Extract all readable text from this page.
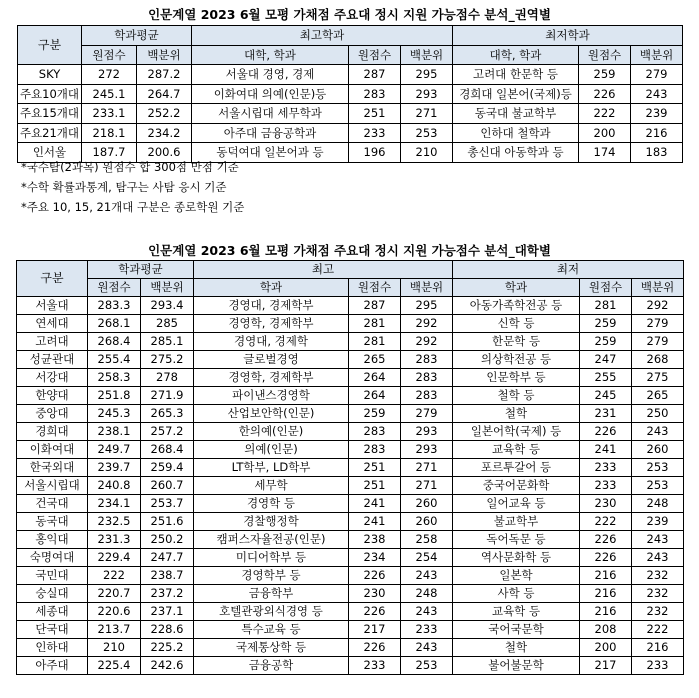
인문계열 2023 6월 모평 가채점 주요대 정시 지원 가능점수 분석_권역별
구분	학과평균		최고학과			최저학과		
	원점수	백분위	대학, 학과	원점수	백분위	대학, 학과	원점수	백분위
SKY	272	287.2	서울대 경영, 경제	287	295	고려대 한문학 등	259	279
주요10개대	245.1	264.7	이화여대 의예(인문)등	283	293	경희대 일본어(국제)등	226	243
주요15개대	233.1	252.2	서울시립대 세무학과	251	271	동국대 불교학부	222	239
주요21개대	218.1	234.2	아주대 금융공학과	233	253	인하대 철학과	200	216
인서울	187.7	200.6	동덕여대 일본어과 등	196	210	총신대 아동학과 등	174	183
*국수탐(2과목) 원점수 합 300점 만점 기준
*수학 확률과통계, 탐구는 사탐 응시 기준
*주요 10, 15, 21개대 구분은 종로학원 기준
인문계열 2023 6월 모평 가채점 주요대 정시 지원 가능점수 분석_대학별
구분	학과평균		최고			최저		
	원점수	백분위	학과	원점수	백분위	학과	원점수	백분위
서울대	283.3	293.4	경영대, 경제학부	287	295	아동가족학전공 등	281	292
연세대	268.1	285	경영학, 경제학부	281	292	신학 등	259	279
고려대	268.4	285.1	경영대, 경제학	281	292	한문학 등	259	279
성균관대	255.4	275.2	글로벌경영	265	283	의상학전공 등	247	268
서강대	258.3	278	경영학, 경제학부	264	283	인문학부 등	255	275
한양대	251.8	271.9	파이낸스경영학	264	283	철학 등	245	265
중앙대	245.3	265.3	산업보안학(인문)	259	279	철학	231	250
경희대	238.1	257.2	한의예(인문)	283	293	일본어학(국제) 등	226	243
이화여대	249.7	268.4	의예(인문)	283	293	교육학 등	241	260
한국외대	239.7	259.4	LT학부, LD학부	251	271	포르투갈어 등	233	253
서울시립대	240.8	260.7	세무학	251	271	중국어문화학	233	253
건국대	234.1	253.7	경영학 등	241	260	일어교육 등	230	248
동국대	232.5	251.6	경찰행정학	241	260	불교학부	222	239
홍익대	231.3	250.2	캠퍼스자율전공(인문)	238	258	독어독문 등	226	243
숙명여대	229.4	247.7	미디어학부 등	234	254	역사문화학 등	226	243
국민대	222	238.7	경영학부 등	226	243	일본학	216	232
숭실대	220.7	237.2	금융학부	230	248	사학 등	216	232
세종대	220.6	237.1	호텔관광외식경영 등	226	243	교육학 등	216	232
단국대	213.7	228.6	특수교육 등	217	233	국어국문학	208	222
인하대	210	225.2	국제통상학 등	226	243	철학	200	216
아주대	225.4	242.6	금융공학	233	253	불어불문학	217	233
